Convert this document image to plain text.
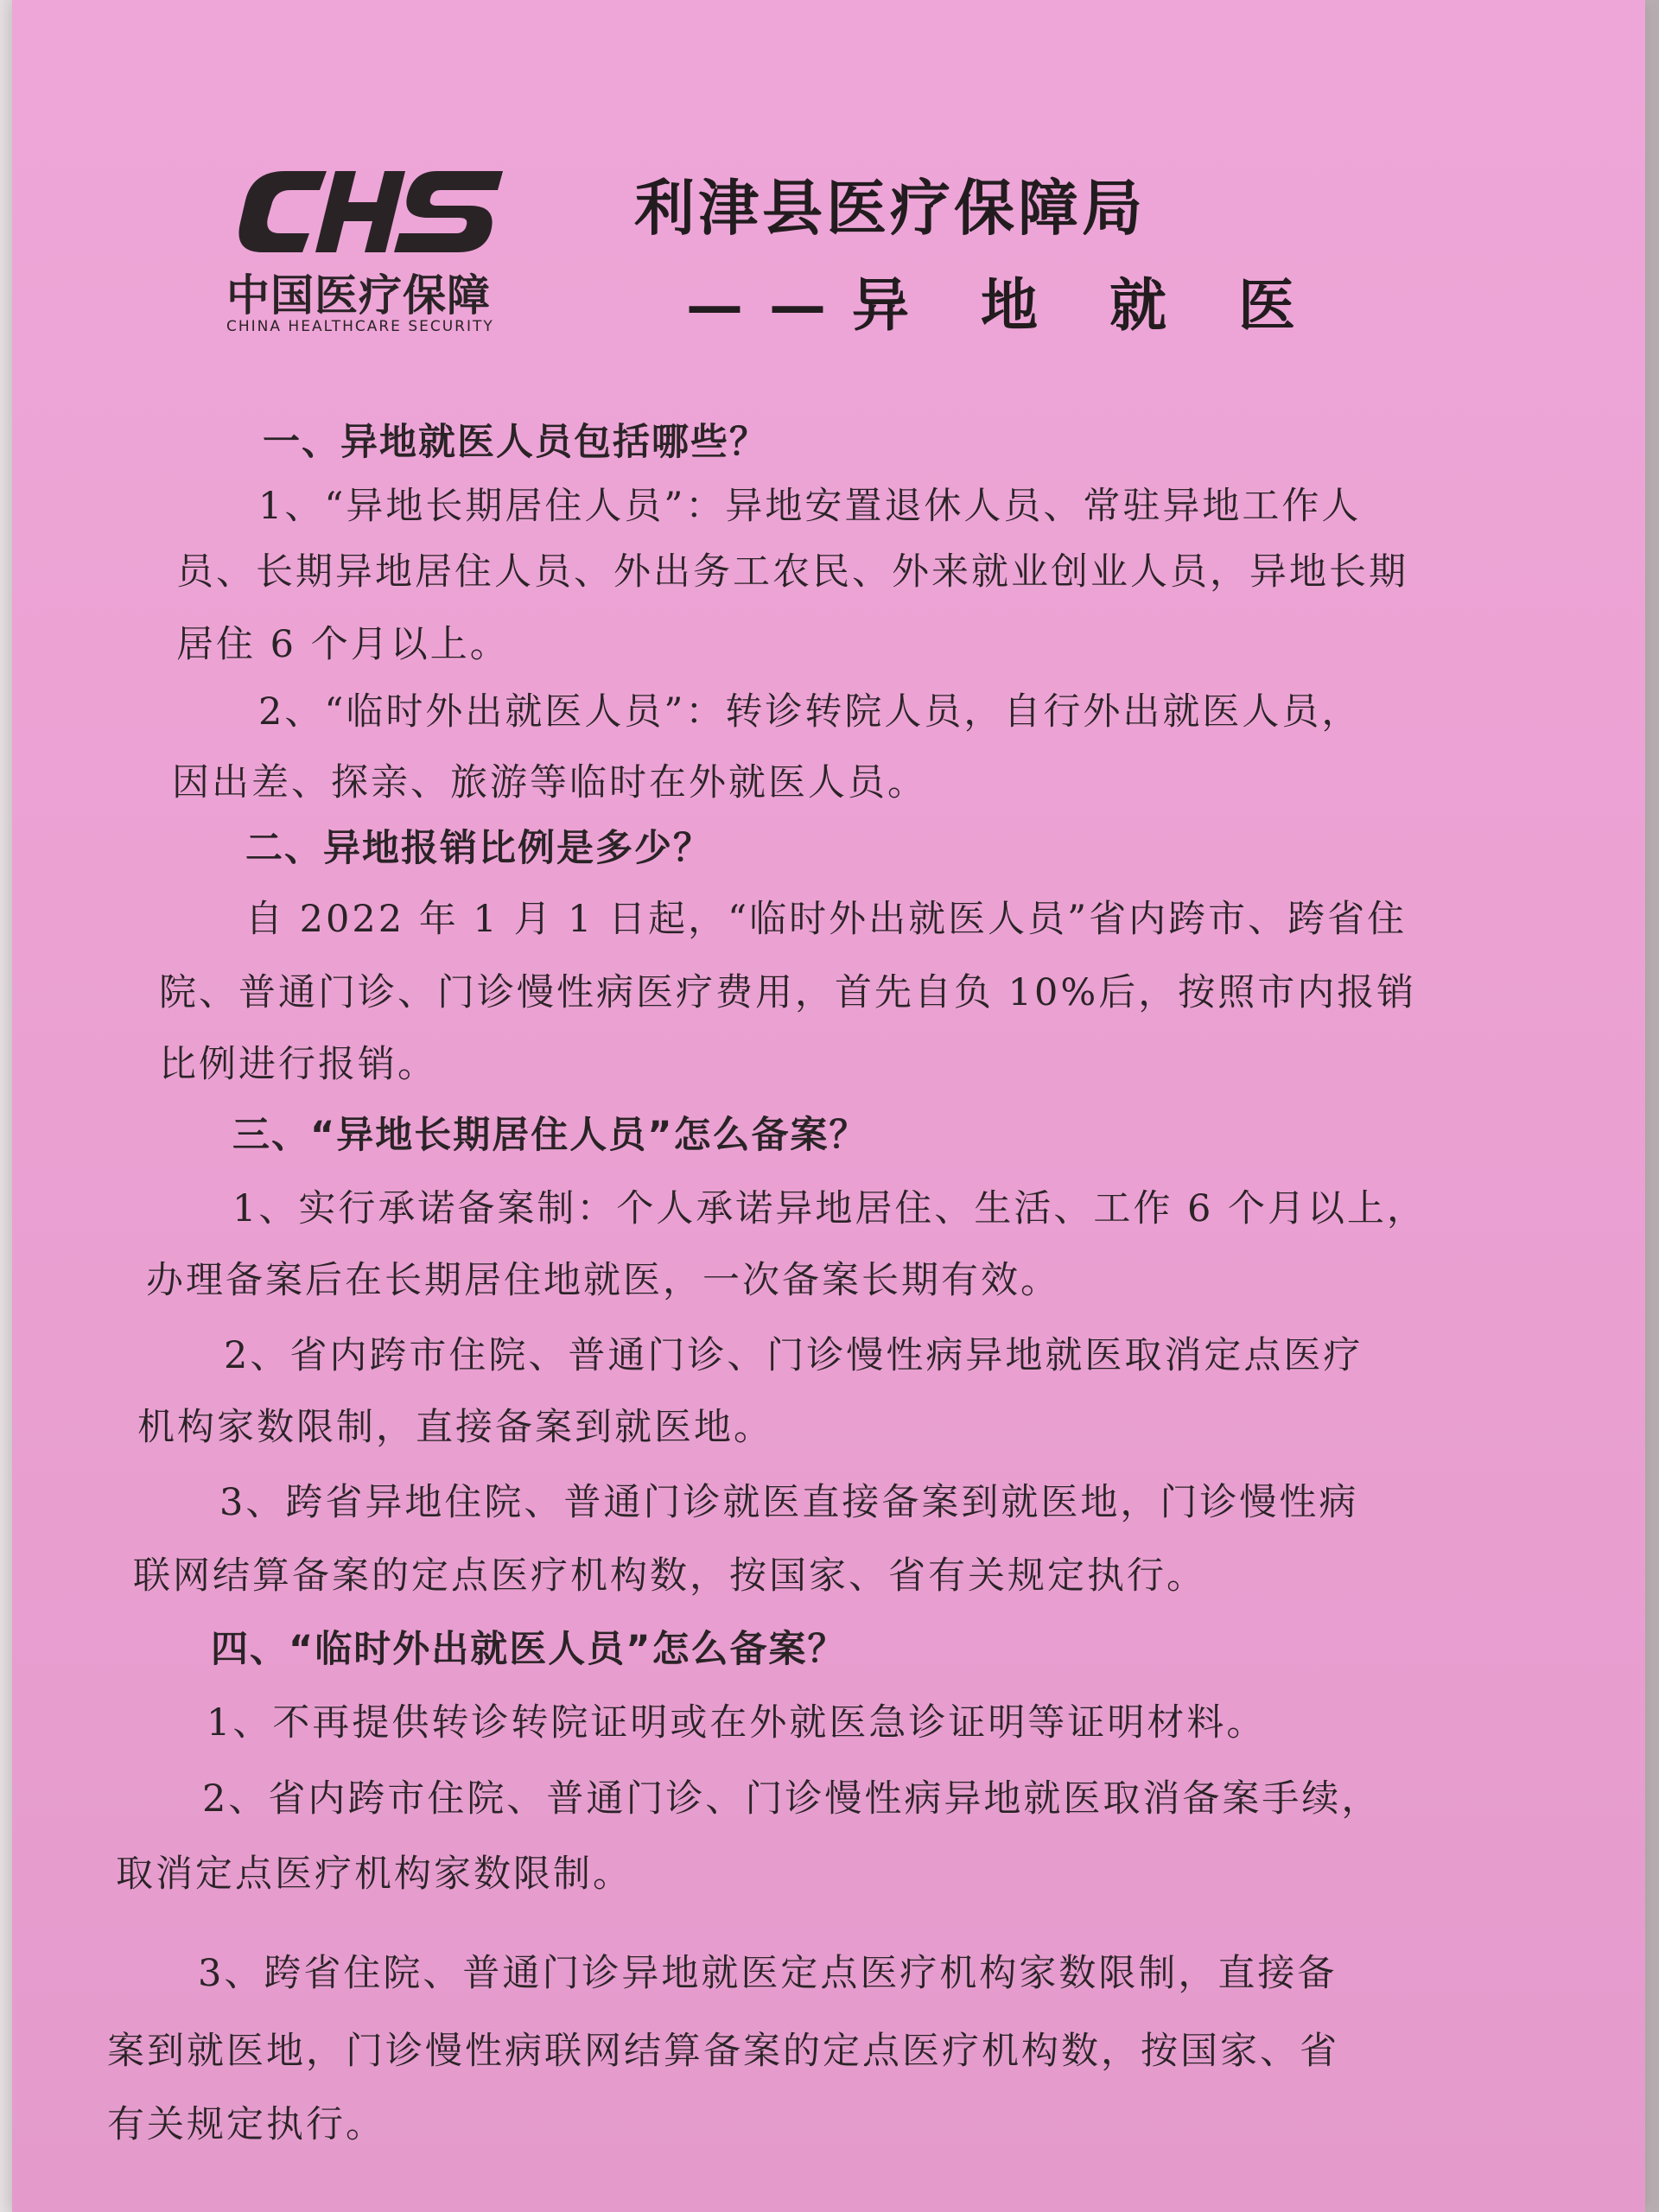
中国医疗保障
CHINA HEALTHCARE SECURITY
利津县医疗保障局
——异 地 就 医
一、异地就医人员包括哪些？
1、“异地长期居住人员”：异地安置退休人员、常驻异地工作人
员、长期异地居住人员、外出务工农民、外来就业创业人员，异地长期
居住 6 个月以上。
2、“临时外出就医人员”：转诊转院人员，自行外出就医人员，
因出差、探亲、旅游等临时在外就医人员。
二、异地报销比例是多少？
自 2022 年 1 月 1 日起，“临时外出就医人员”省内跨市、跨省住
院、普通门诊、门诊慢性病医疗费用，首先自负 10%后，按照市内报销
比例进行报销。
三、“异地长期居住人员”怎么备案？
1、实行承诺备案制：个人承诺异地居住、生活、工作 6 个月以上，
办理备案后在长期居住地就医，一次备案长期有效。
2、省内跨市住院、普通门诊、门诊慢性病异地就医取消定点医疗
机构家数限制，直接备案到就医地。
3、跨省异地住院、普通门诊就医直接备案到就医地，门诊慢性病
联网结算备案的定点医疗机构数，按国家、省有关规定执行。
四、“临时外出就医人员”怎么备案？
1、不再提供转诊转院证明或在外就医急诊证明等证明材料。
2、省内跨市住院、普通门诊、门诊慢性病异地就医取消备案手续，
取消定点医疗机构家数限制。
3、跨省住院、普通门诊异地就医定点医疗机构家数限制，直接备
案到就医地，门诊慢性病联网结算备案的定点医疗机构数，按国家、省
有关规定执行。
